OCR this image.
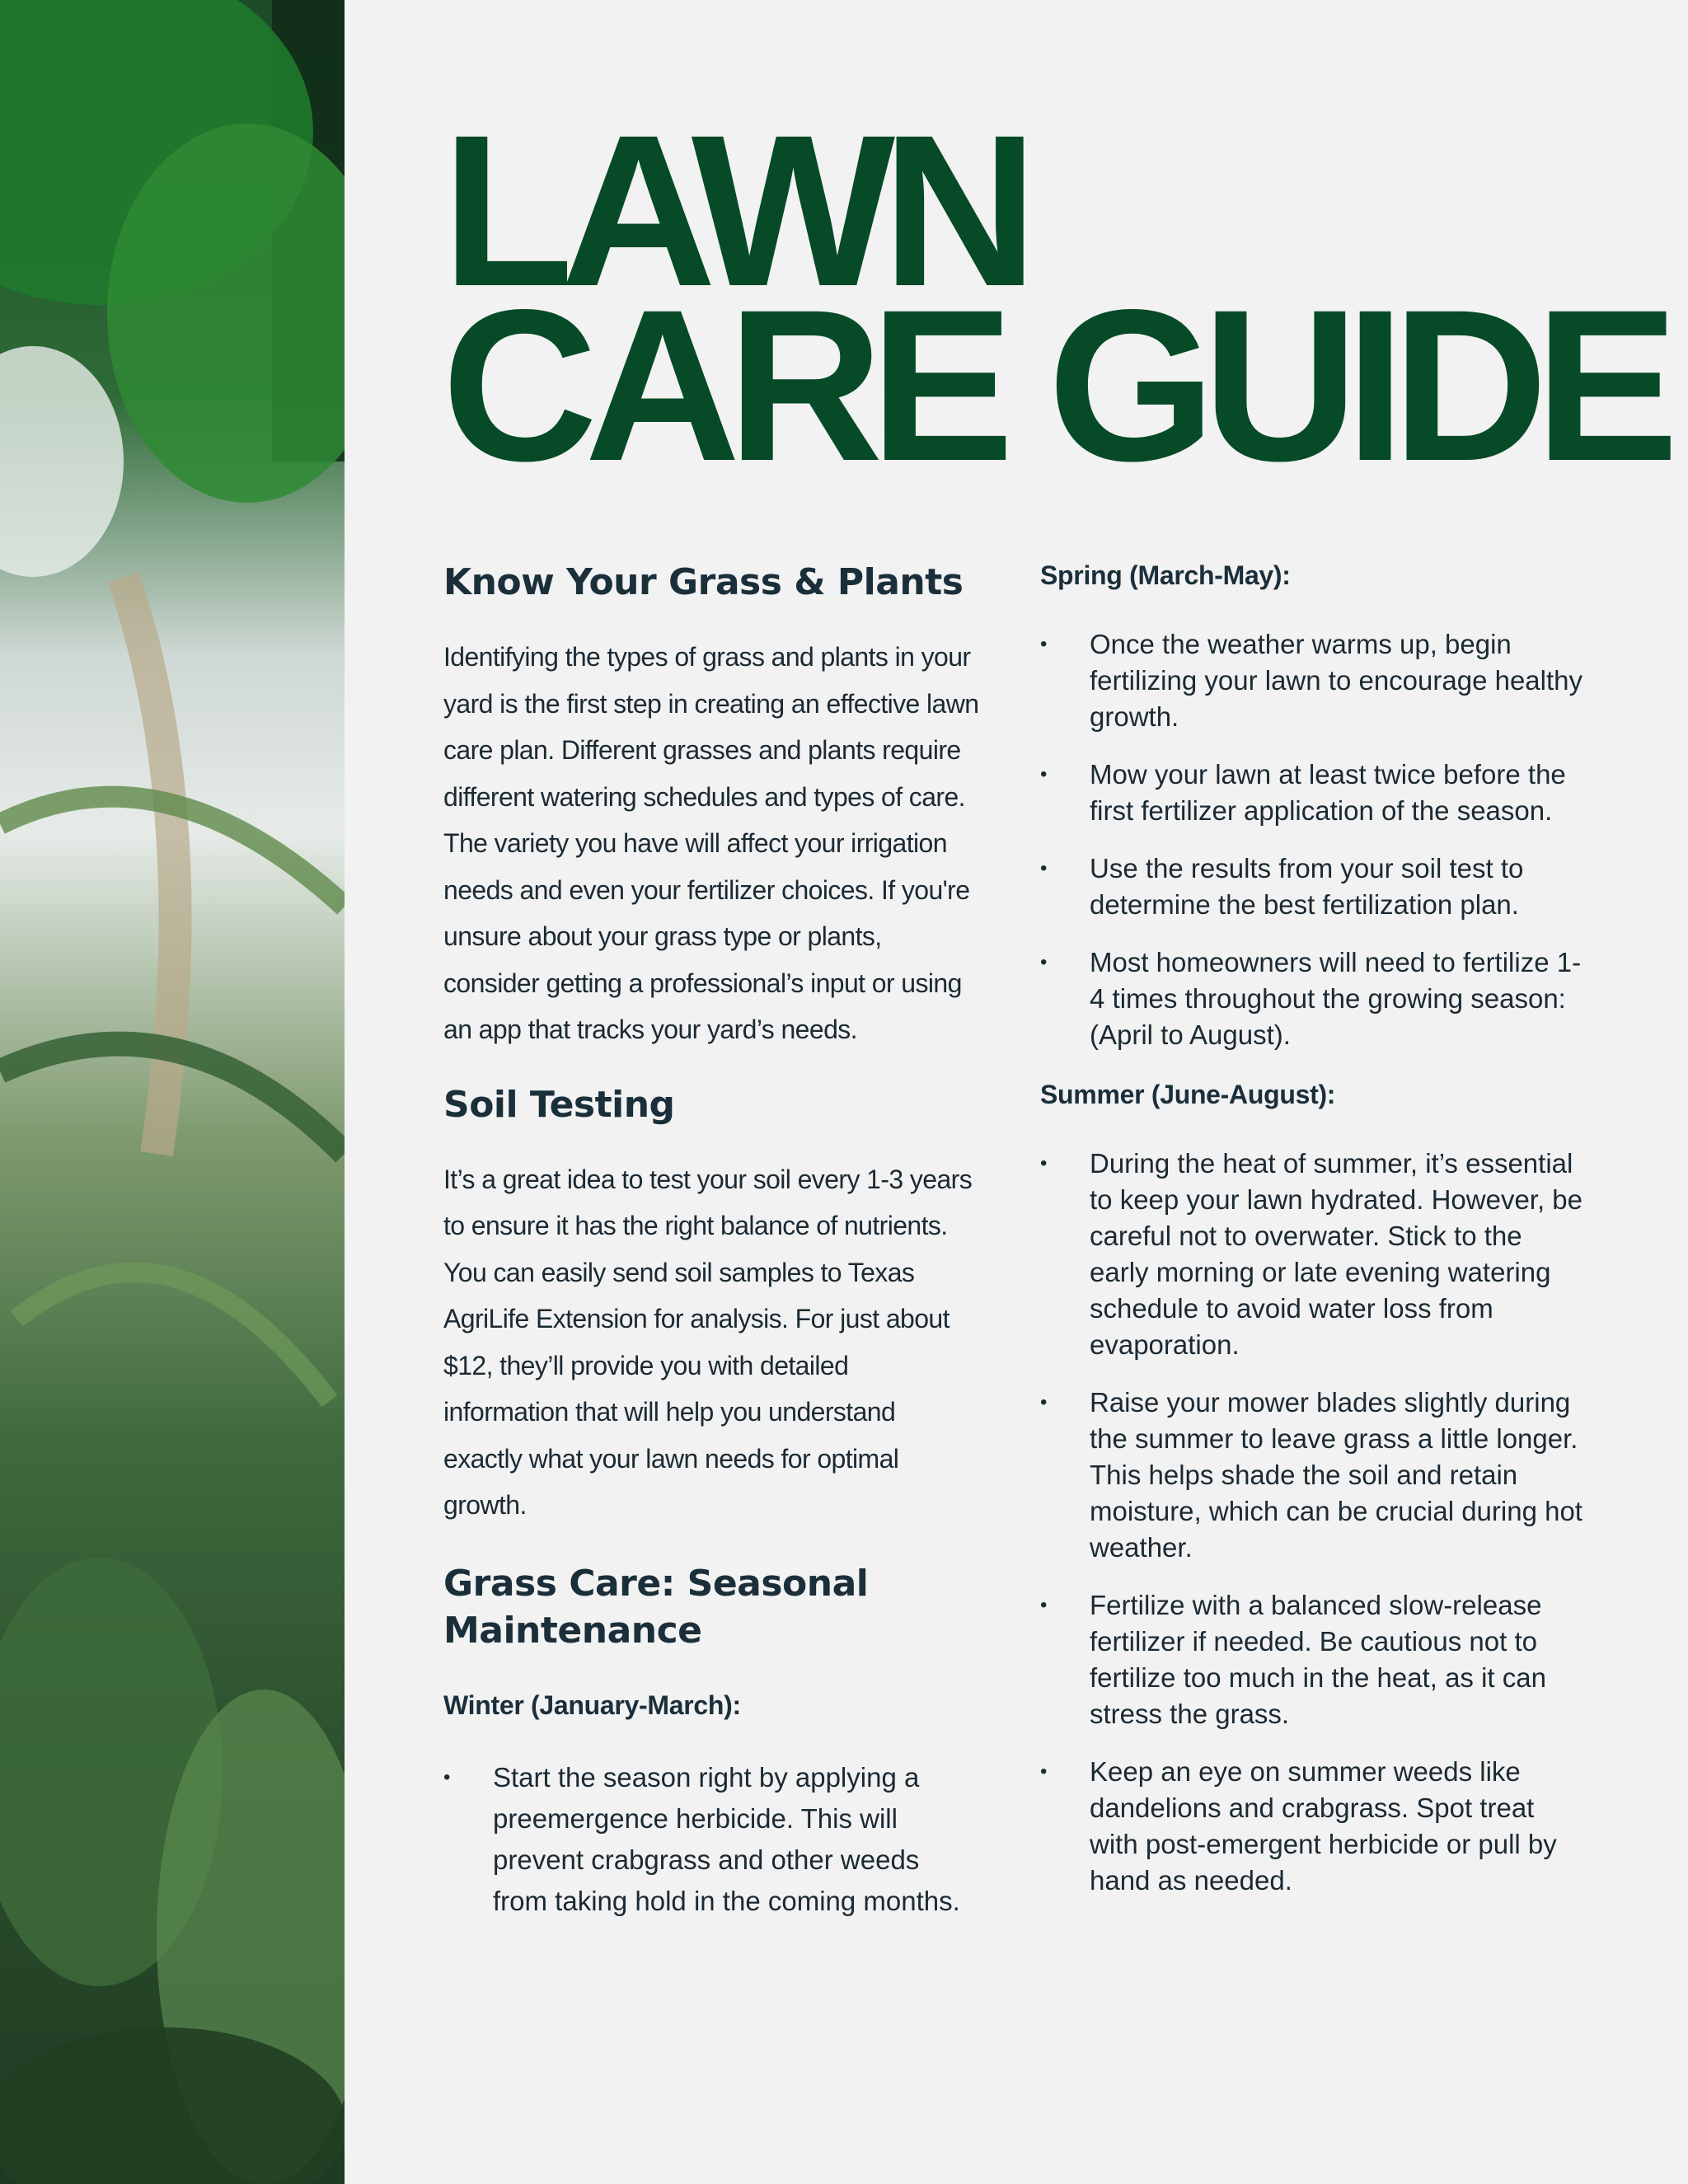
LAWN
CARE GUIDE
Know Your Grass & Plants

Identifying the types of grass and plants in your yard is the first step in creating an effective lawn care plan. Different grasses and plants require different watering schedules and types of care. The variety you have will affect your irrigation needs and even your fertilizer choices. If you're unsure about your grass type or plants, consider getting a professional’s input or using an app that tracks your yard’s needs.

Soil Testing

It’s a great idea to test your soil every 1-3 years to ensure it has the right balance of nutrients. You can easily send soil samples to Texas AgriLife Extension for analysis. For just about $12, they’ll provide you with detailed information that will help you understand exactly what your lawn needs for optimal growth.

Grass Care: Seasonal Maintenance
Winter (January-March):
•	Start the season right by applying a preemergence herbicide. This will prevent crabgrass and other weeds from taking hold in the coming months.
Spring (March-May):
•	Once the weather warms up, begin fertilizing your lawn to encourage healthy growth.
•	Mow your lawn at least twice before the first fertilizer application of the season.
•	Use the results from your soil test to determine the best fertilization plan.
•	Most homeowners will need to fertilize 1-4 times throughout the growing season: (April to August).
Summer (June-August):
•	During the heat of summer, it’s essential to keep your lawn hydrated. However, be careful not to overwater. Stick to the early morning or late evening watering schedule to avoid water loss from evaporation.
•	Raise your mower blades slightly during the summer to leave grass a little longer. This helps shade the soil and retain moisture, which can be crucial during hot weather.
•	Fertilize with a balanced slow-release fertilizer if needed. Be cautious not to fertilize too much in the heat, as it can stress the grass.
•	Keep an eye on summer weeds like dandelions and crabgrass. Spot treat with post-emergent herbicide or pull by hand as needed.
